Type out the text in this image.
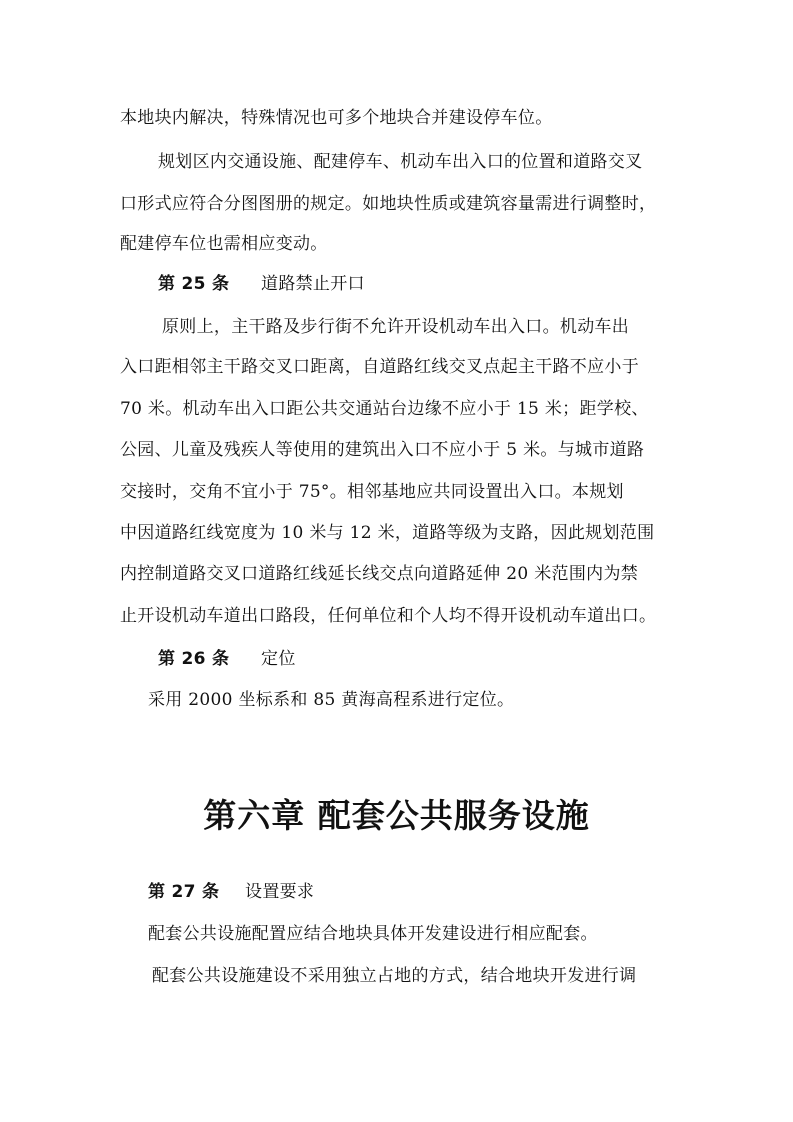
本地块内解决，特殊情况也可多个地块合并建设停车位。
规划区内交通设施、配建停车、机动车出入口的位置和道路交叉
口形式应符合分图图册的规定。如地块性质或建筑容量需进行调整时，
配建停车位也需相应变动。
第 25 条 道路禁止开口
原则上，主干路及步行街不允许开设机动车出入口。机动车出
入口距相邻主干路交叉口距离，自道路红线交叉点起主干路不应小于
70 米。机动车出入口距公共交通站台边缘不应小于 15 米；距学校、
公园、儿童及残疾人等使用的建筑出入口不应小于 5 米。与城市道路
交接时，交角不宜小于 75°。相邻基地应共同设置出入口。本规划
中因道路红线宽度为 10 米与 12 米，道路等级为支路，因此规划范围
内控制道路交叉口道路红线延长线交点向道路延伸 20 米范围内为禁
止开设机动车道出口路段，任何单位和个人均不得开设机动车道出口。
第 26 条 定位
采用 2000 坐标系和 85 黄海高程系进行定位。
第六章 配套公共服务设施
第 27 条 设置要求
配套公共设施配置应结合地块具体开发建设进行相应配套。
配套公共设施建设不采用独立占地的方式，结合地块开发进行调
